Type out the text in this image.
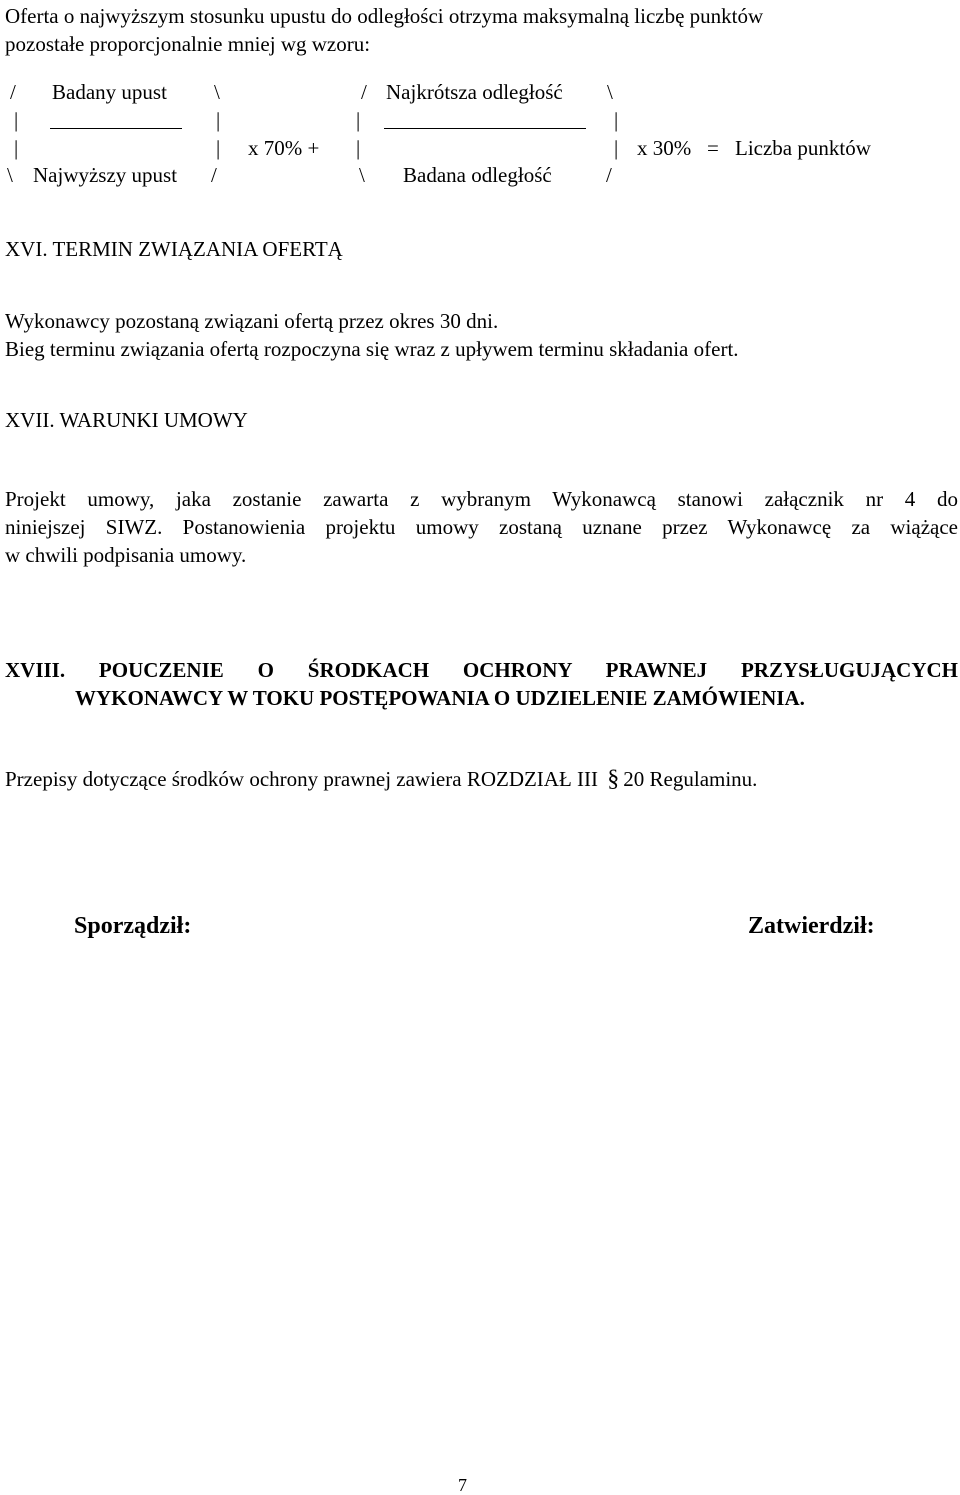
Oferta o najwyższym stosunku upustu do odległości otrzyma maksymalną liczbę punktów
pozostałe proporcjonalnie mniej wg wzoru:
/ Badany upust \	/ Najkrótsza odległość \
|	|	|	|
|	| x 70% + |	| x 30% = Liczba punktów
\ Najwyższy upust /	\ Badana odległość	/
XVI. TERMIN ZWIĄZANIA OFERTĄ
Wykonawcy pozostaną związani ofertą przez okres 30 dni.
Bieg terminu związania ofertą rozpoczyna się wraz z upływem terminu składania ofert.
XVII. WARUNKI UMOWY
Projekt umowy, jaka zostanie zawarta z wybranym Wykonawcą stanowi załącznik nr 4 do
niniejszej SIWZ. Postanowienia projektu umowy zostaną uznane przez Wykonawcę za wiążące
w chwili podpisania umowy.
XVIII. POUCZENIE O ŚRODKACH OCHRONY PRAWNEJ PRZYSŁUGUJĄCYCH
WYKONAWCY W TOKU POSTĘPOWANIA O UDZIELENIE ZAMÓWIENIA.
Przepisy dotyczące środków ochrony prawnej zawiera ROZDZIAŁ III § 20 Regulaminu.
Sporządził:	Zatwierdził:
7
